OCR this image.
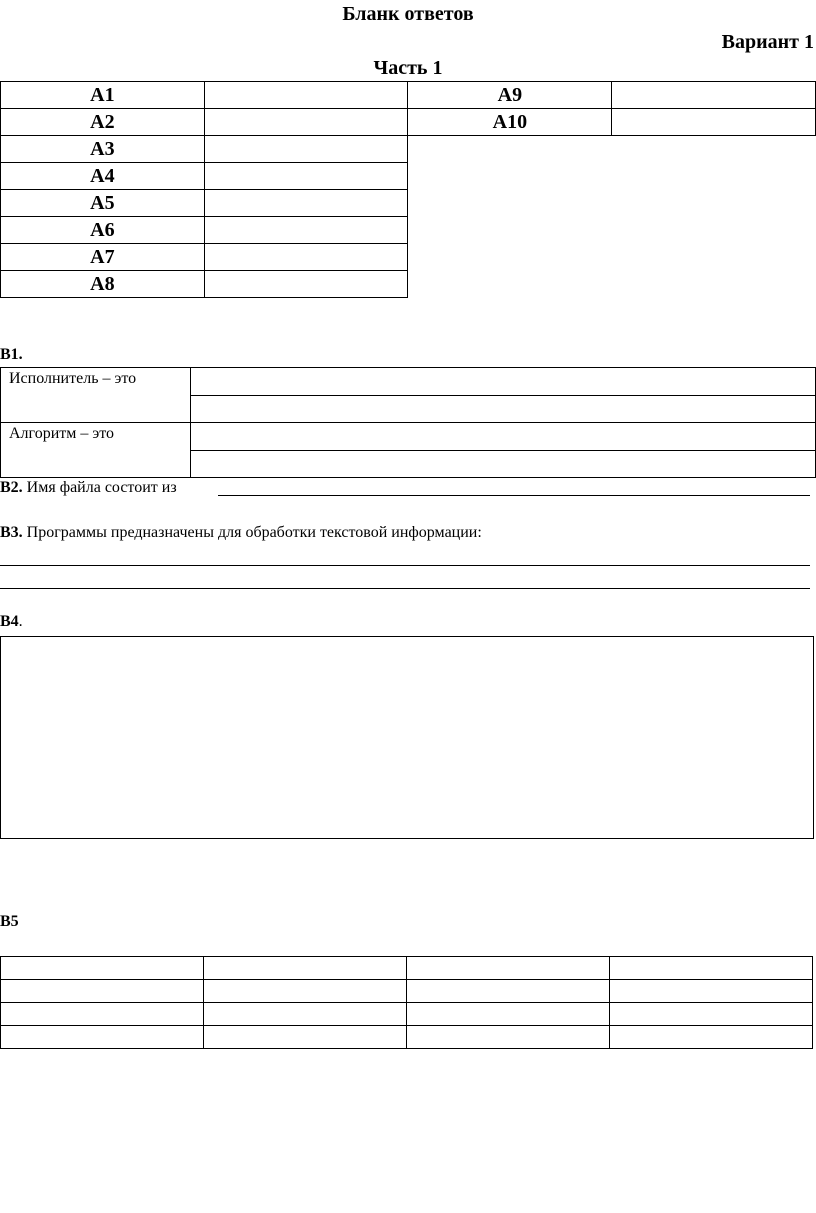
Бланк ответов
Вариант 1
Часть 1
А1		А9	
А2		А10	
А3			
А4			
А5			
А6			
А7			
А8			
В1.
Исполнитель – это	

Алгоритм – это	

В2. Имя файла состоит из
В3. Программы предназначены для обработки текстовой информации:
В4.
В5
